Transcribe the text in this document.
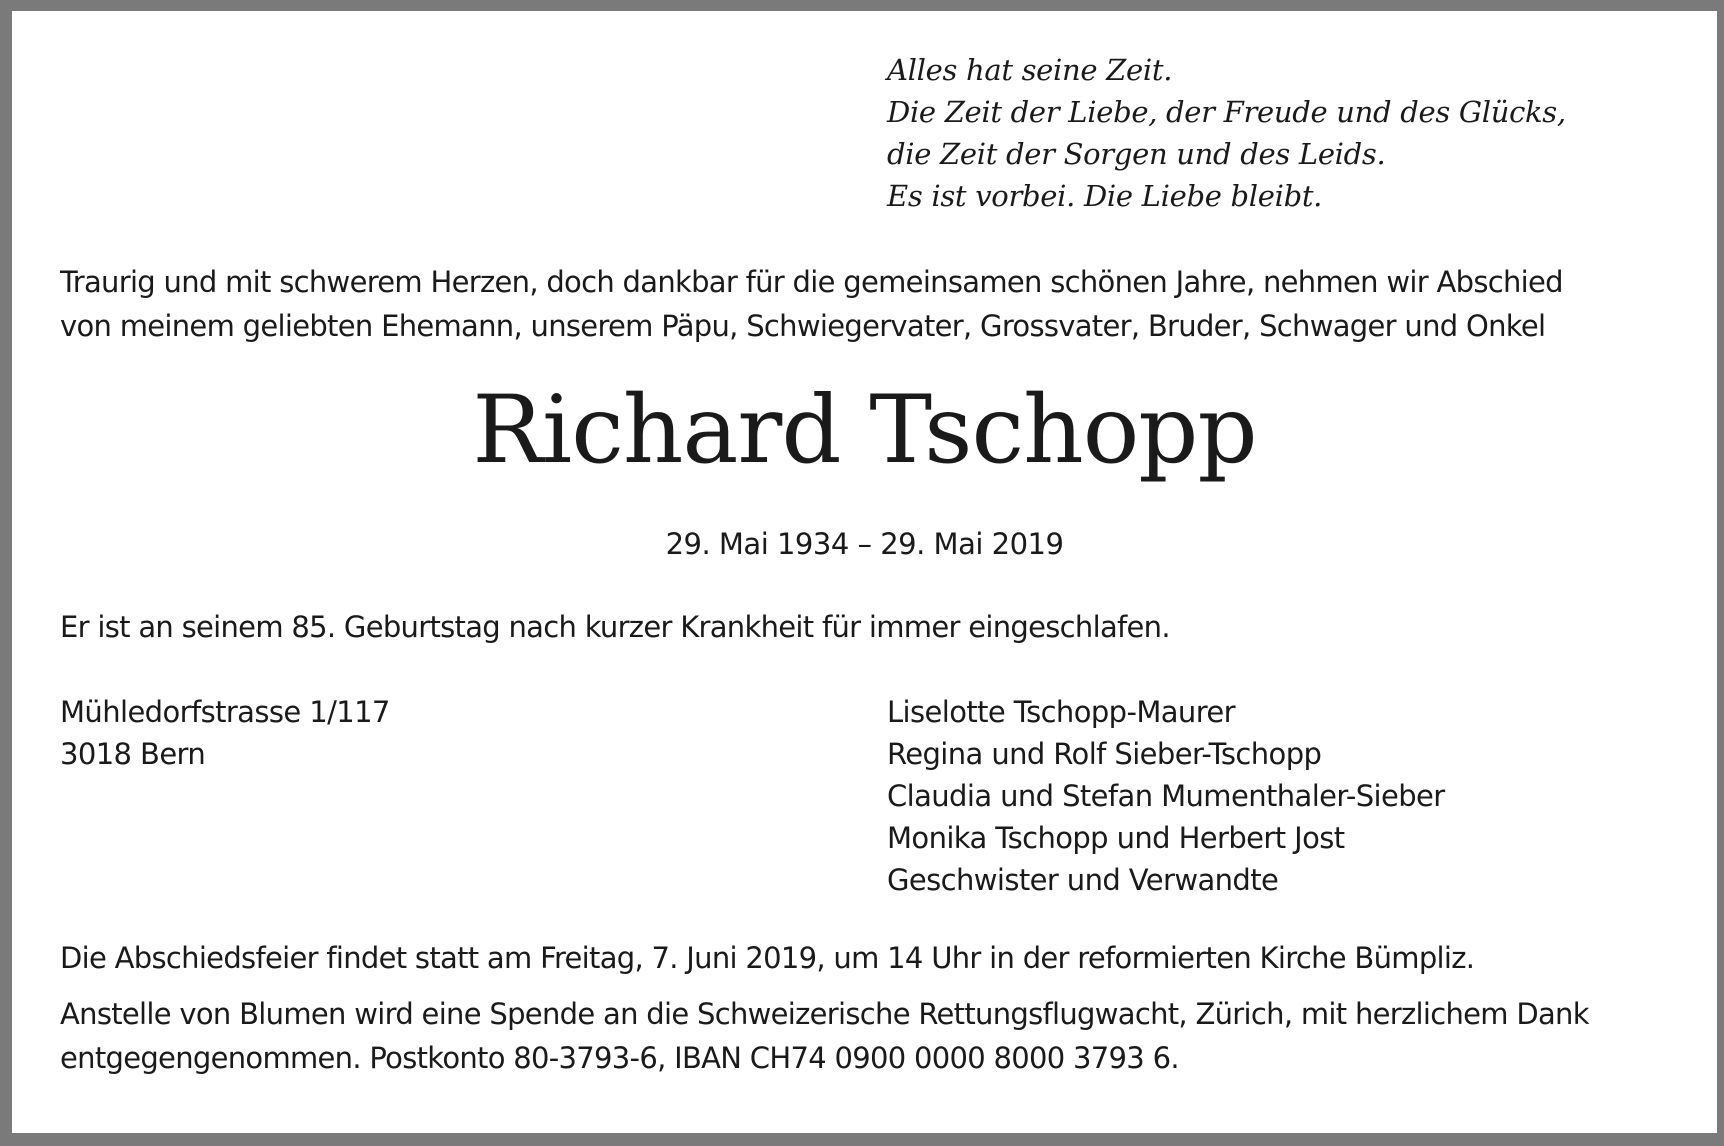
Alles hat seine Zeit.
Die Zeit der Liebe, der Freude und des Glücks,
die Zeit der Sorgen und des Leids.
Es ist vorbei. Die Liebe bleibt.
Traurig und mit schwerem Herzen, doch dankbar für die gemeinsamen schönen Jahre, nehmen wir Abschied
von meinem geliebten Ehemann, unserem Päpu, Schwiegervater, Grossvater, Bruder, Schwager und Onkel
Richard Tschopp
29. Mai 1934 – 29. Mai 2019
Er ist an seinem 85. Geburtstag nach kurzer Krankheit für immer eingeschlafen.
Mühledorfstrasse 1/117
3018 Bern
Liselotte Tschopp-Maurer
Regina und Rolf Sieber-Tschopp
Claudia und Stefan Mumenthaler-Sieber
Monika Tschopp und Herbert Jost
Geschwister und Verwandte
Die Abschiedsfeier findet statt am Freitag, 7. Juni 2019, um 14 Uhr in der reformierten Kirche Bümpliz.
Anstelle von Blumen wird eine Spende an die Schweizerische Rettungsflugwacht, Zürich, mit herzlichem Dank
entgegengenommen. Postkonto 80-3793-6, IBAN CH74 0900 0000 8000 3793 6.
